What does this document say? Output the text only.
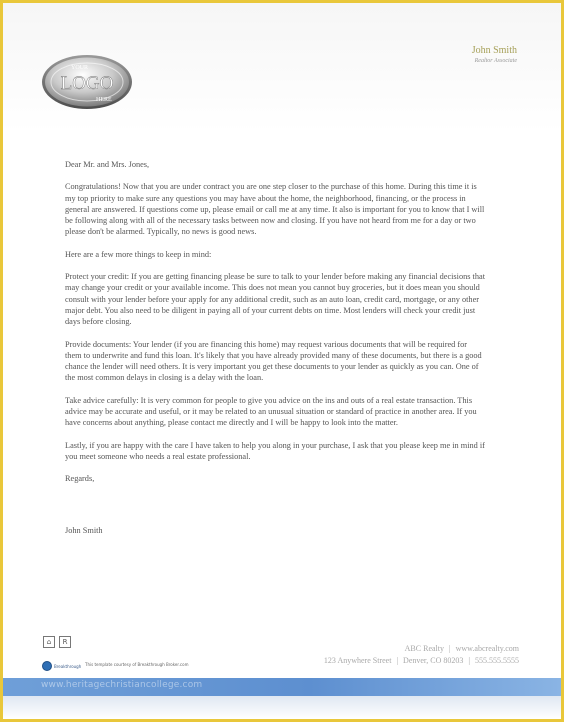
YOUR
LOGO
HERE
John Smith
Realtor Associate

Dear Mr. and Mrs. Jones,

Congratulations! Now that you are under contract you are one step closer to the purchase of this home. During this time it is my top priority to make sure any questions you may have about the home, the neighborhood, financing, or the process in general are answered. If questions come up, please email or call me at any time. It also is important for you to know that I will be following along with all of the necessary tasks between now and closing. If you have not heard from me for a day or two please don't be alarmed. Typically, no news is good news.

Here are a few more things to keep in mind:

Protect your credit: If you are getting financing please be sure to talk to your lender before making any financial decisions that may change your credit or your available income. This does not mean you cannot buy groceries, but it does mean you should consult with your lender before your apply for any additional credit, such as an auto loan, credit card, mortgage, or any other major debt. You also need to be diligent in paying all of your current debts on time. Most lenders will check your credit just days before closing.

Provide documents: Your lender (if you are financing this home) may request various documents that will be required for them to underwrite and fund this loan. It's likely that you have already provided many of these documents, but there is a good chance the lender will need others. It is very important you get these documents to your lender as quickly as you can. One of the most common delays in closing is a delay with the loan.

Take advice carefully: It is very common for people to give you advice on the ins and outs of a real estate transaction. This advice may be accurate and useful, or it may be related to an unusual situation or standard of practice in another area. If you have concerns about anything, please contact me directly and I will be happy to look into the matter.

Lastly, if you are happy with the care I have taken to help you along in your purchase, I ask that you please keep me in mind if you meet someone who needs a real estate professional.

Regards,

John Smith

⌂	R
Breakthrough This template courtesy of Breakthrough Broker.com
ABC Realty | www.abcrealty.com
123 Anywhere Street | Denver, CO 80203 | 555.555.5555
www.heritagechristiancollege.com
